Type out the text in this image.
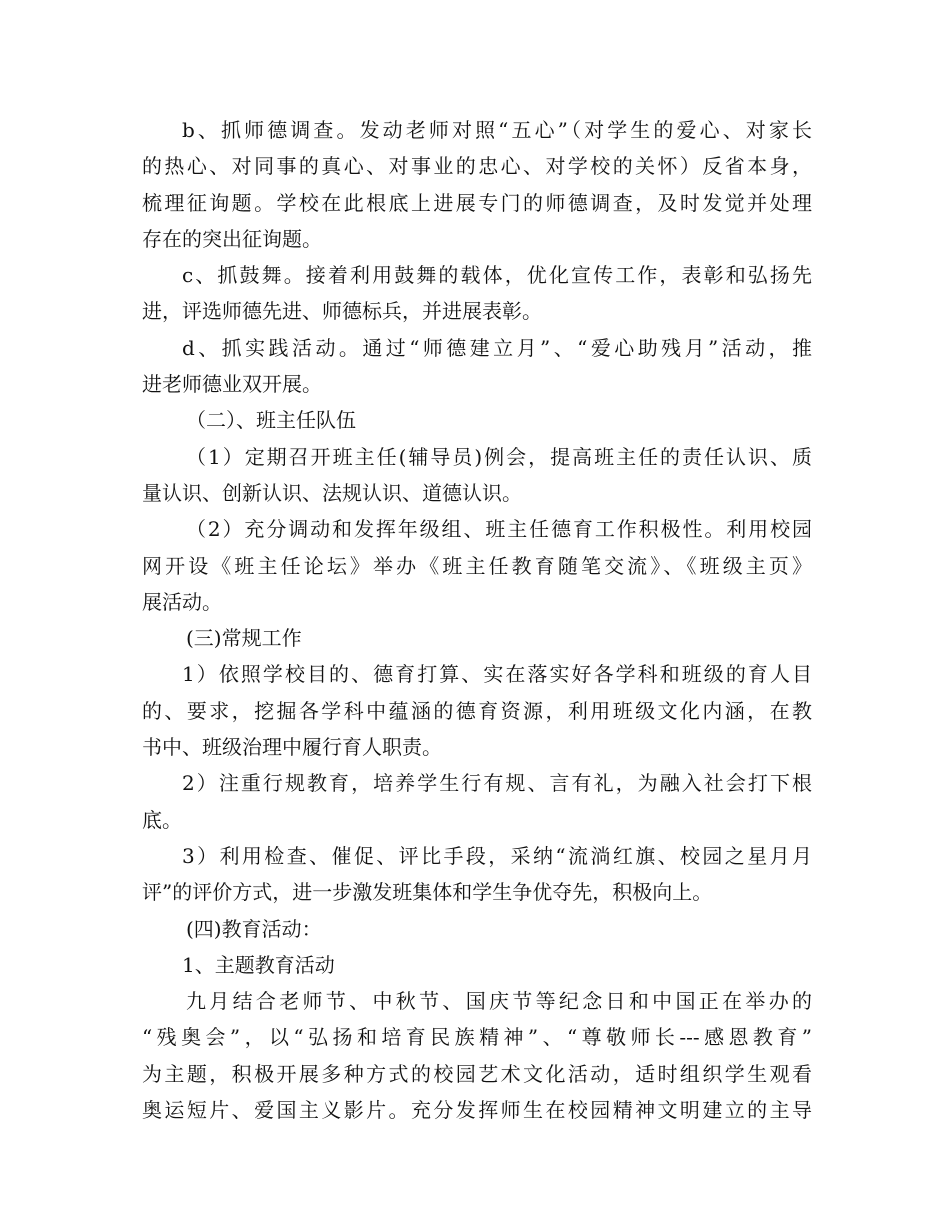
b、抓师德调查。发动老师对照“五心”（对学生的爱心、对家长
的热心、对同事的真心、对事业的忠心、对学校的关怀）反省本身，
梳理征询题。学校在此根底上进展专门的师德调查，及时发觉并处理
存在的突出征询题。
c、抓鼓舞。接着利用鼓舞的载体，优化宣传工作，表彰和弘扬先
进，评选师德先进、师德标兵，并进展表彰。
d、抓实践活动。通过“师德建立月”、“爱心助残月”活动，推
进老师德业双开展。
（二）、班主任队伍
（1）定期召开班主任(辅导员)例会，提高班主任的责任认识、质
量认识、创新认识、法规认识、道德认识。
（2）充分调动和发挥年级组、班主任德育工作积极性。利用校园
网开设《班主任论坛》举办《班主任教育随笔交流》、《班级主页》
展活动。
(三)常规工作
1）依照学校目的、德育打算、实在落实好各学科和班级的育人目
的、要求，挖掘各学科中蕴涵的德育资源，利用班级文化内涵，在教
书中、班级治理中履行育人职责。
2）注重行规教育，培养学生行有规、言有礼，为融入社会打下根
底。
3）利用检查、催促、评比手段，采纳“流淌红旗、校园之星月月
评”的评价方式，进一步激发班集体和学生争优夺先，积极向上。
(四)教育活动：
1、主题教育活动
九月结合老师节、中秋节、国庆节等纪念日和中国正在举办的
“残奥会”，以“弘扬和培育民族精神”、“尊敬师长---感恩教育”
为主题，积极开展多种方式的校园艺术文化活动，适时组织学生观看
奥运短片、爱国主义影片。充分发挥师生在校园精神文明建立的主导
